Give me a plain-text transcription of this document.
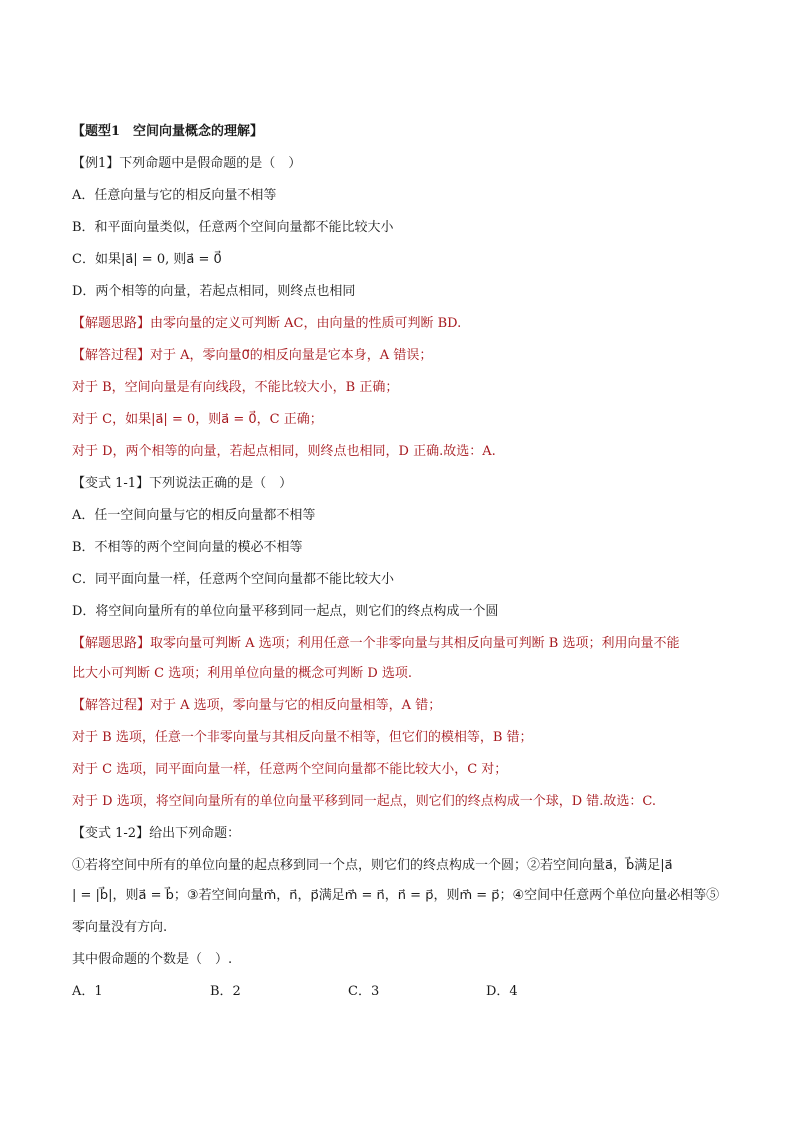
【题型1　空间向量概念的理解】
【例1】下列命题中是假命题的是（　）
A．任意向量与它的相反向量不相等
B．和平面向量类似，任意两个空间向量都不能比较大小
C．如果|a⃗| = 0, 则a⃗ = 0⃗
D．两个相等的向量，若起点相同，则终点也相同
【解题思路】由零向量的定义可判断 AC，由向量的性质可判断 BD.
【解答过程】对于 A，零向量0⃗的相反向量是它本身，A 错误；
对于 B，空间向量是有向线段，不能比较大小，B 正确；
对于 C，如果|a⃗| = 0，则a⃗ = 0⃗，C 正确；
对于 D，两个相等的向量，若起点相同，则终点也相同，D 正确.故选：A.
【变式 1-1】下列说法正确的是（　）
A．任一空间向量与它的相反向量都不相等
B．不相等的两个空间向量的模必不相等
C．同平面向量一样，任意两个空间向量都不能比较大小
D．将空间向量所有的单位向量平移到同一起点，则它们的终点构成一个圆
【解题思路】取零向量可判断 A 选项；利用任意一个非零向量与其相反向量可判断 B 选项；利用向量不能
比大小可判断 C 选项；利用单位向量的概念可判断 D 选项.
【解答过程】对于 A 选项，零向量与它的相反向量相等，A 错；
对于 B 选项，任意一个非零向量与其相反向量不相等，但它们的模相等，B 错；
对于 C 选项，同平面向量一样，任意两个空间向量都不能比较大小，C 对；
对于 D 选项，将空间向量所有的单位向量平移到同一起点，则它们的终点构成一个球，D 错.故选：C.
【变式 1-2】给出下列命题：
①若将空间中所有的单位向量的起点移到同一个点，则它们的终点构成一个圆；②若空间向量a⃗，b⃗满足|a⃗
| = |b⃗|，则a⃗ = b⃗；③若空间向量m⃗，n⃗，p⃗满足m⃗ = n⃗，n⃗ = p⃗，则m⃗ = p⃗；④空间中任意两个单位向量必相等⑤
零向量没有方向.
其中假命题的个数是（　）.
A．1	B．2	C．3	D．4
